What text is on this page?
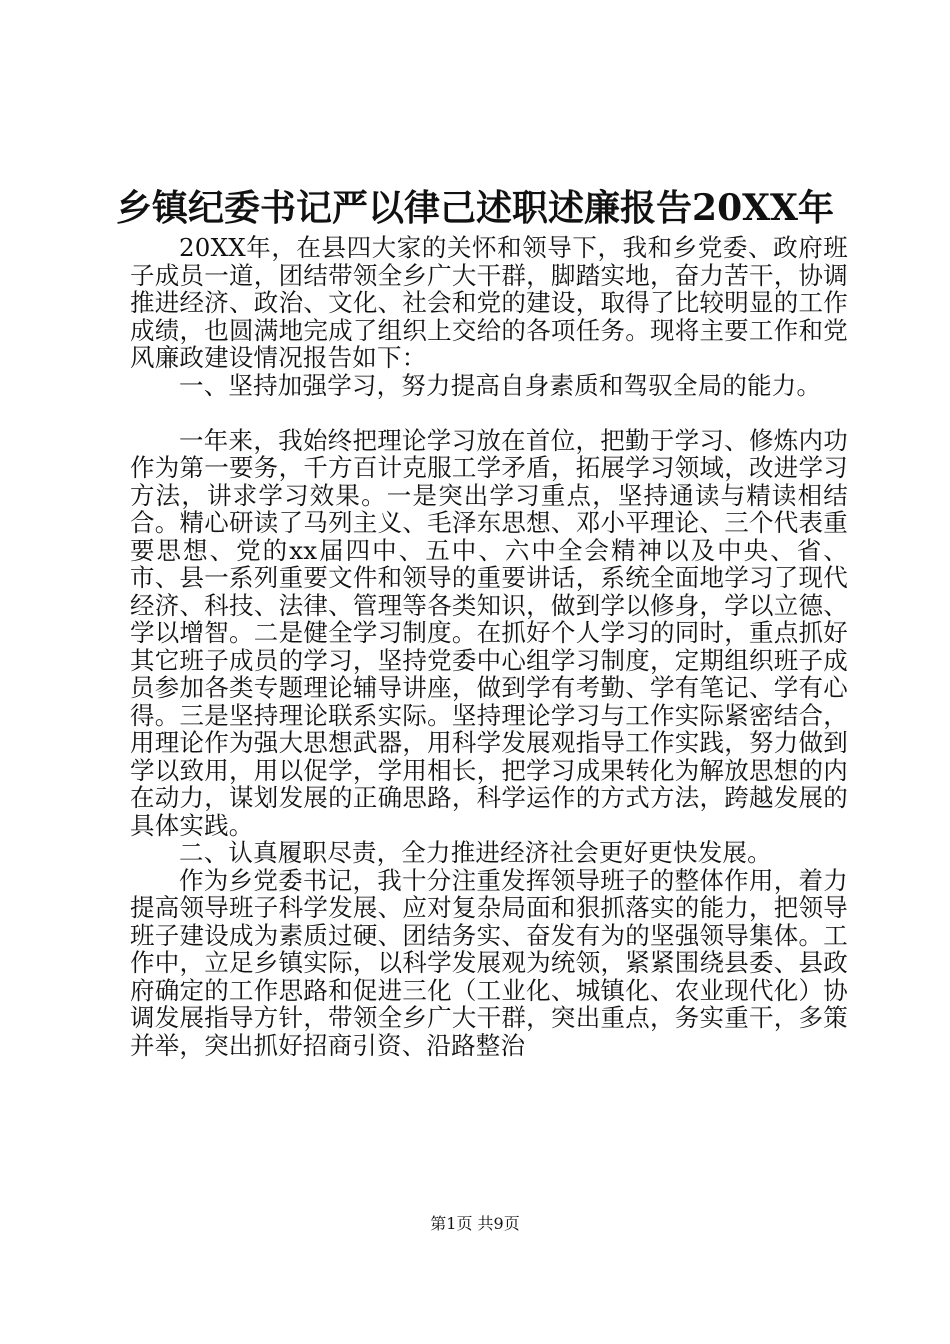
乡镇纪委书记严以律己述职述廉报告20XX年

20XX年，在县四大家的关怀和领导下，我和乡党委、政府班子成员一道，团结带领全乡广大干群，脚踏实地，奋力苦干，协调推进经济、政治、文化、社会和党的建设，取得了比较明显的工作成绩，也圆满地完成了组织上交给的各项任务。现将主要工作和党风廉政建设情况报告如下：

一、坚持加强学习，努力提高自身素质和驾驭全局的能力。

一年来，我始终把理论学习放在首位，把勤于学习、修炼内功作为第一要务，千方百计克服工学矛盾，拓展学习领域，改进学习方法，讲求学习效果。一是突出学习重点，坚持通读与精读相结合。精心研读了马列主义、毛泽东思想、邓小平理论、三个代表重要思想、党的xx届四中、五中、六中全会精神以及中央、省、市、县一系列重要文件和领导的重要讲话，系统全面地学习了现代经济、科技、法律、管理等各类知识，做到学以修身，学以立德、学以增智。二是健全学习制度。在抓好个人学习的同时，重点抓好其它班子成员的学习，坚持党委中心组学习制度，定期组织班子成员参加各类专题理论辅导讲座，做到学有考勤、学有笔记、学有心得。三是坚持理论联系实际。坚持理论学习与工作实际紧密结合，用理论作为强大思想武器，用科学发展观指导工作实践，努力做到学以致用，用以促学，学用相长，把学习成果转化为解放思想的内在动力，谋划发展的正确思路，科学运作的方式方法，跨越发展的具体实践。

二、认真履职尽责，全力推进经济社会更好更快发展。

作为乡党委书记，我十分注重发挥领导班子的整体作用，着力提高领导班子科学发展、应对复杂局面和狠抓落实的能力，把领导班子建设成为素质过硬、团结务实、奋发有为的坚强领导集体。工作中，立足乡镇实际，以科学发展观为统领，紧紧围绕县委、县政府确定的工作思路和促进三化（工业化、城镇化、农业现代化）协调发展指导方针，带领全乡广大干群，突出重点，务实重干，多策并举，突出抓好招商引资、沿路整治

第1页 共9页
